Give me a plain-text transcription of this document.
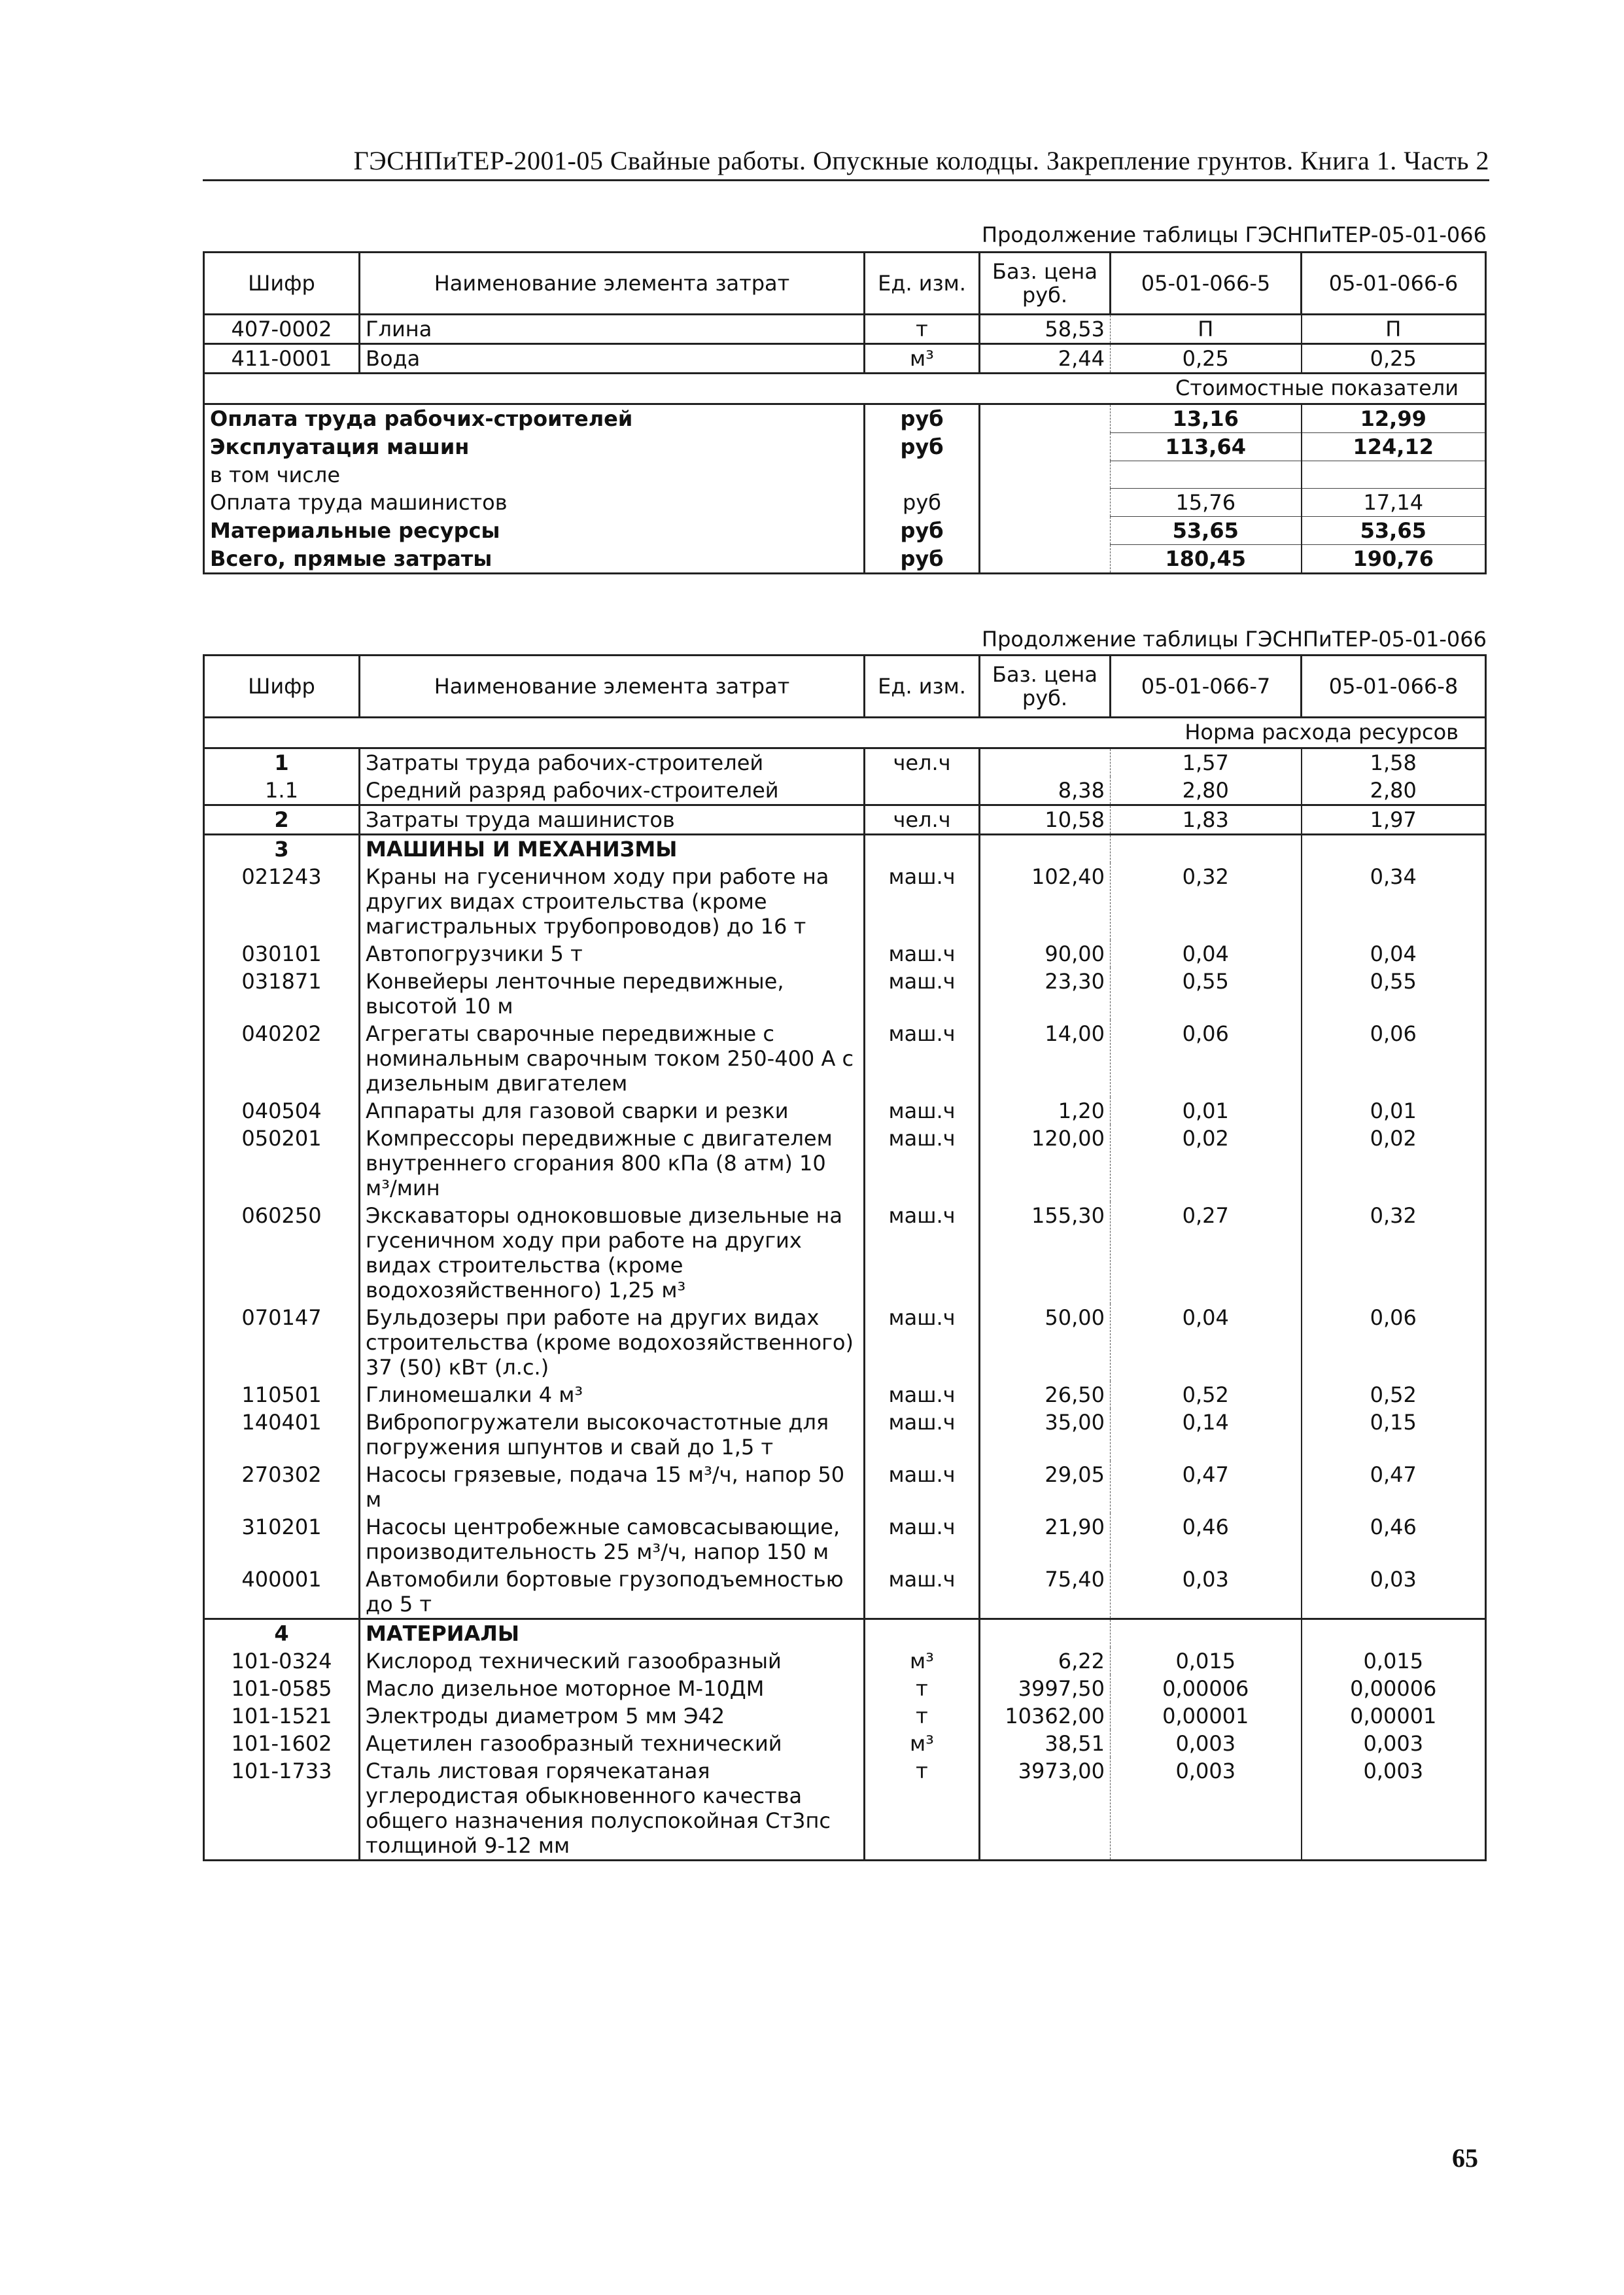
ГЭСНПиТЕР-2001-05 Свайные работы. Опускные колодцы. Закрепление грунтов. Книга 1. Часть 2
Продолжение таблицы ГЭСНПиТЕР-05-01-066
Шифр	Наименование элемента затрат	Ед. изм.	Баз. цена руб.	05-01-066-5	05-01-066-6
407-0002	Глина	т	58,53	П	П
411-0001	Вода	м³	2,44	0,25	0,25
Стоимостные показатели					
Оплата труда рабочих-строителей		руб		13,16	12,99
Эксплуатация машин		руб		113,64	124,12
в том числе					
Оплата труда машинистов		руб		15,76	17,14
Материальные ресурсы		руб		53,65	53,65
Всего, прямые затраты		руб		180,45	190,76
Продолжение таблицы ГЭСНПиТЕР-05-01-066
Шифр	Наименование элемента затрат	Ед. изм.	Баз. цена руб.	05-01-066-7	05-01-066-8
Норма расхода ресурсов					
1	Затраты труда рабочих-строителей	чел.ч		1,57	1,58
1.1	Средний разряд рабочих-строителей		8,38	2,80	2,80
2	Затраты труда машинистов	чел.ч	10,58	1,83	1,97
3	МАШИНЫ И МЕХАНИЗМЫ				
021243	Краны на гусеничном ходу при работе на других видах строительства (кроме магистральных трубопроводов) до 16 т	маш.ч	102,40	0,32	0,34
030101	Автопогрузчики 5 т	маш.ч	90,00	0,04	0,04
031871	Конвейеры ленточные передвижные, высотой 10 м	маш.ч	23,30	0,55	0,55
040202	Агрегаты сварочные передвижные с номинальным сварочным током 250-400 А с дизельным двигателем	маш.ч	14,00	0,06	0,06
040504	Аппараты для газовой сварки и резки	маш.ч	1,20	0,01	0,01
050201	Компрессоры передвижные с двигателем внутреннего сгорания 800 кПа (8 атм) 10 м³/мин	маш.ч	120,00	0,02	0,02
060250	Экскаваторы одноковшовые дизельные на гусеничном ходу при работе на других видах строительства (кроме водохозяйственного) 1,25 м³	маш.ч	155,30	0,27	0,32
070147	Бульдозеры при работе на других видах строительства (кроме водохозяйственного) 37 (50) кВт (л.с.)	маш.ч	50,00	0,04	0,06
110501	Глиномешалки 4 м³	маш.ч	26,50	0,52	0,52
140401	Вибропогружатели высокочастотные для погружения шпунтов и свай до 1,5 т	маш.ч	35,00	0,14	0,15
270302	Насосы грязевые, подача 15 м³/ч, напор 50 м	маш.ч	29,05	0,47	0,47
310201	Насосы центробежные самовсасывающие, производительность 25 м³/ч, напор 150 м	маш.ч	21,90	0,46	0,46
400001	Автомобили бортовые грузоподъемностью до 5 т	маш.ч	75,40	0,03	0,03
4	МАТЕРИАЛЫ				
101-0324	Кислород технический газообразный	м³	6,22	0,015	0,015
101-0585	Масло дизельное моторное М-10ДМ	т	3997,50	0,00006	0,00006
101-1521	Электроды диаметром 5 мм Э42	т	10362,00	0,00001	0,00001
101-1602	Ацетилен газообразный технический	м³	38,51	0,003	0,003
101-1733	Сталь листовая горячекатаная углеродистая обыкновенного качества общего назначения полуспокойная Ст3пс толщиной 9-12 мм	т	3973,00	0,003	0,003
65
